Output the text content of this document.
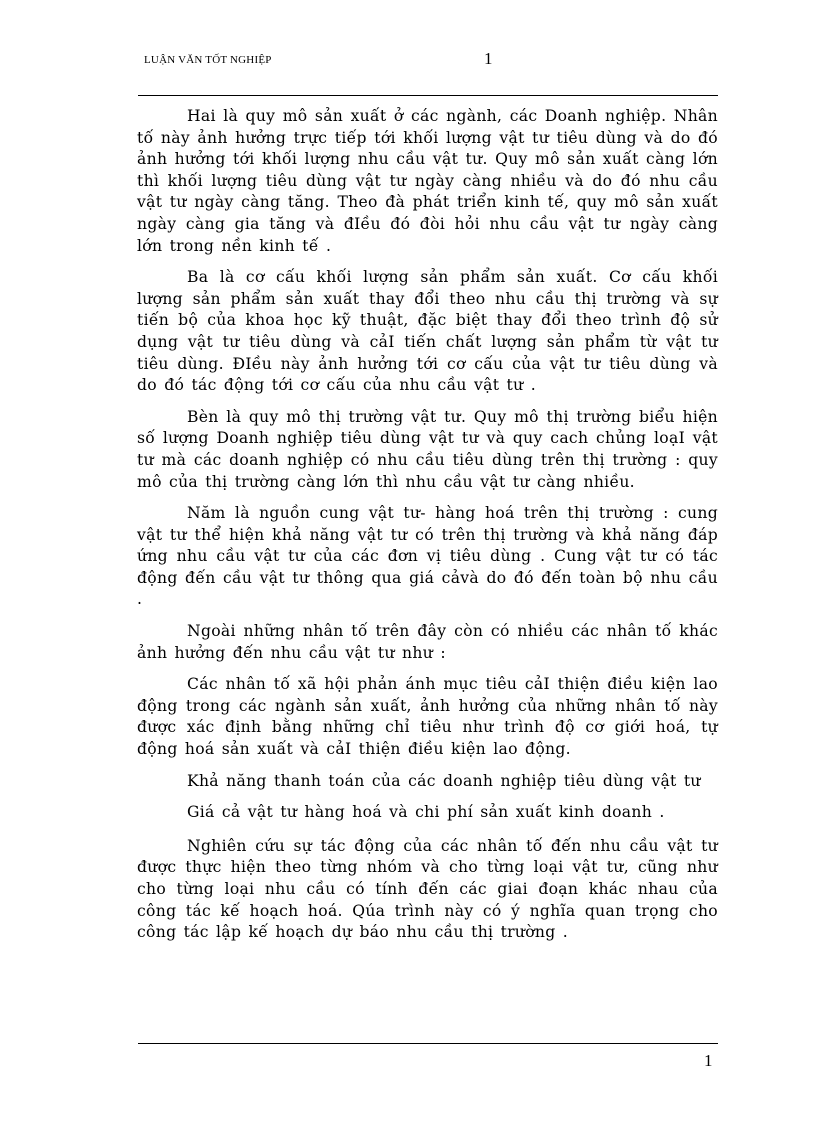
LUẬN VĂN TỐT NGHIỆP	1

Hai là quy mô sản xuất ở các ngành, các Doanh nghiệp. Nhân tố này ảnh hưởng trực tiếp tới khối lượng vật tư tiêu dùng và do đó ảnh hưởng tới khối lượng nhu cầu vật tư. Quy mô sản xuất càng lớn thì khối lượng tiêu dùng vật tư ngày càng nhiều và do đó nhu cầu vật tư ngày càng tăng. Theo đà phát triển kinh tế, quy mô sản xuất ngày càng gia tăng và đIều đó đòi hỏi nhu cầu vật tư ngày càng lớn trong nền kinh tế .

Ba là cơ cấu khối lượng sản phẩm sản xuất. Cơ cấu khối lượng sản phẩm sản xuất thay đổi theo nhu cầu thị trường và sự tiến bộ của khoa học kỹ thuật, đặc biệt thay đổi theo trình độ sử dụng vật tư tiêu dùng và cảI tiến chất lượng sản phẩm từ vật tư tiêu dùng. ĐIều này ảnh hưởng tới cơ cấu của vật tư tiêu dùng và do đó tác động tới cơ cấu của nhu cầu vật tư .

Bèn là quy mô thị trường vật tư. Quy mô thị trường biểu hiện số lượng Doanh nghiệp tiêu dùng vật tư và quy cach chủng loạI vật tư mà các doanh nghiệp có nhu cầu tiêu dùng trên thị trường : quy mô của thị trường càng lớn thì nhu cầu vật tư càng nhiều.

Năm là nguồn cung vật tư- hàng hoá trên thị trường : cung vật tư thể hiện khả năng vật tư có trên thị trường và khả năng đáp ứng nhu cầu vật tư của các đơn vị tiêu dùng . Cung vật tư có tác động đến cầu vật tư thông qua giá cảvà do đó đến toàn bộ nhu cầu .

Ngoài những nhân tố trên đây còn có nhiều các nhân tố khác ảnh hưởng đến nhu cầu vật tư như :

Các nhân tố xã hội phản ánh mục tiêu cảI thiện điều kiện lao động trong các ngành sản xuất, ảnh hưởng của những nhân tố này được xác định bằng những chỉ tiêu như trình độ cơ giới hoá, tự động hoá sản xuất và cảI thiện điều kiện lao động.

Khả năng thanh toán của các doanh nghiệp tiêu dùng vật tư

Giá cả vật tư hàng hoá và chi phí sản xuất kinh doanh .

Nghiên cứu sự tác động của các nhân tố đến nhu cầu vật tư được thực hiện theo từng nhóm và cho từng loại vật tư, cũng như cho từng loại nhu cầu có tính đến các giai đoạn khác nhau của công tác kế hoạch hoá. Qúa trình này có ý nghĩa quan trọng cho công tác lập kế hoạch dự báo nhu cầu thị trường .

1
